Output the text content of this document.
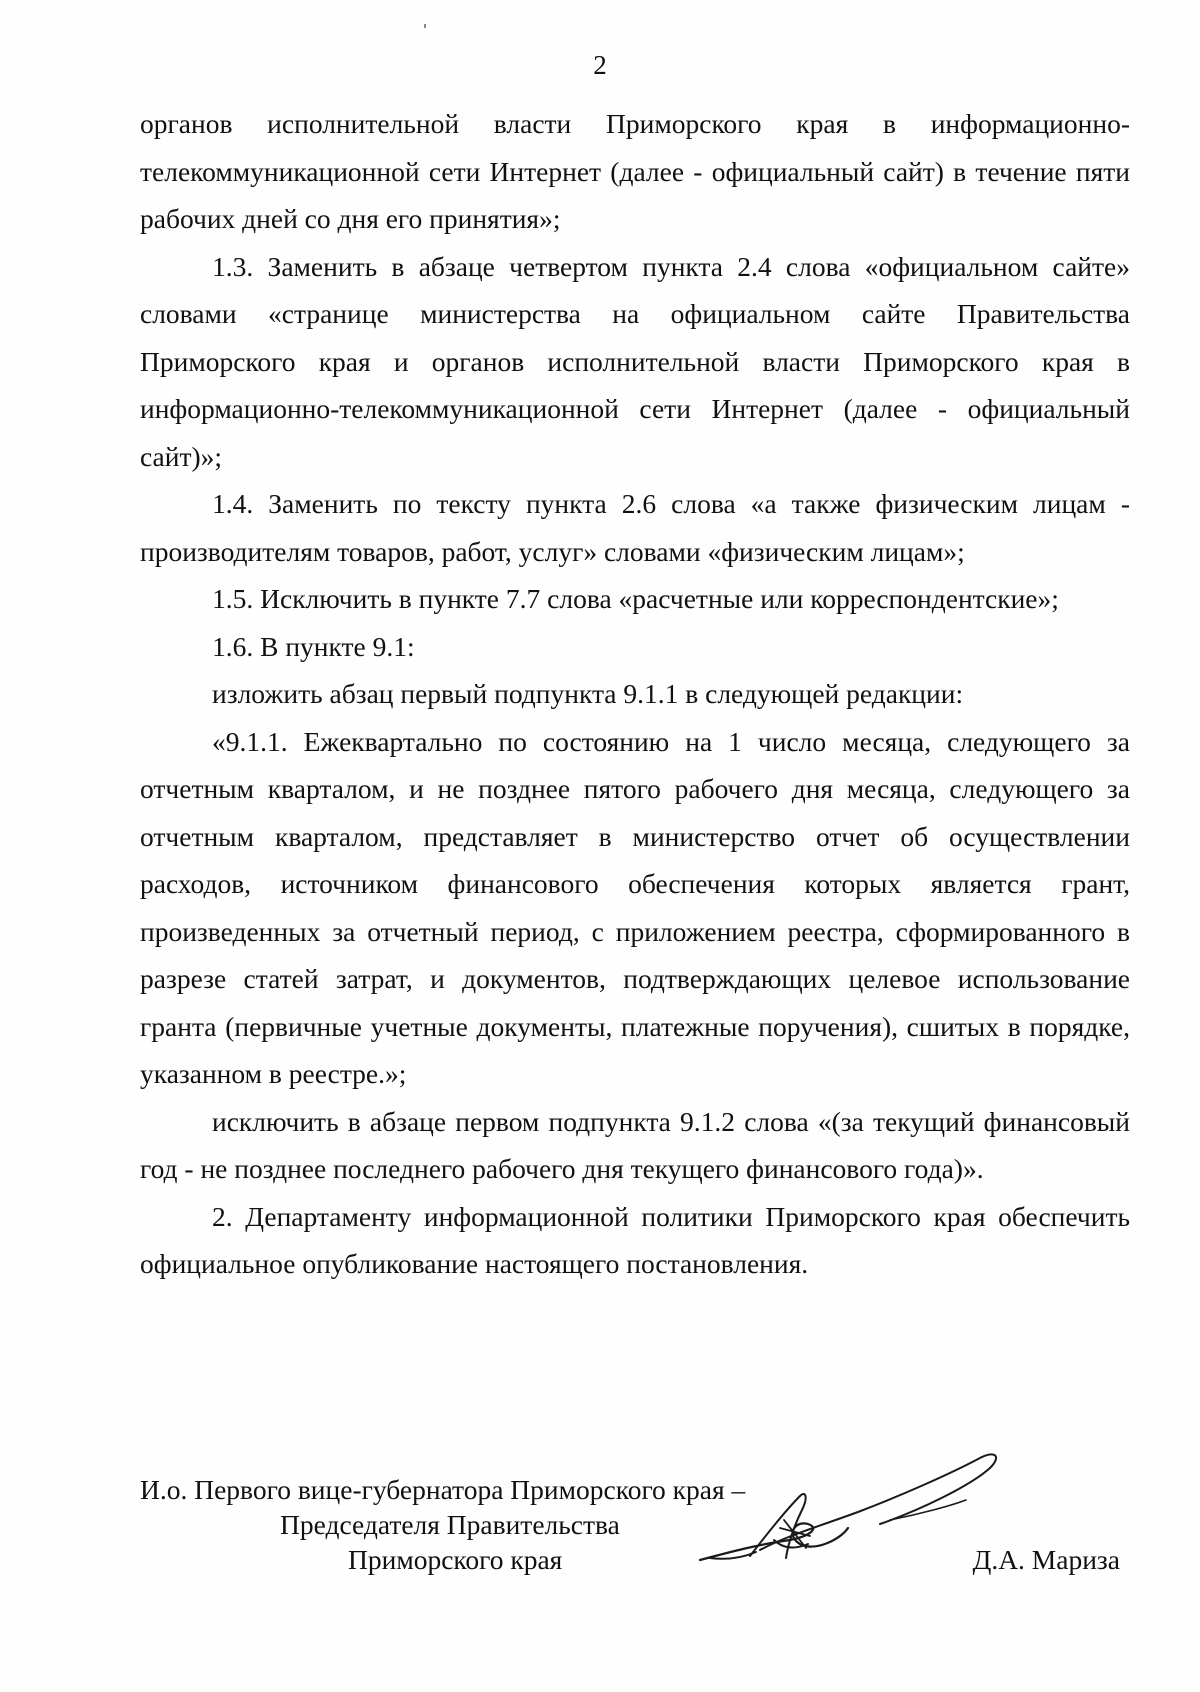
2

органов исполнительной власти Приморского края в информационно-телекоммуникационной сети Интернет (далее - официальный сайт) в течение пяти рабочих дней со дня его принятия»;

1.3. Заменить в абзаце четвертом пункта 2.4 слова «официальном сайте» словами «странице министерства на официальном сайте Правительства Приморского края и органов исполнительной власти Приморского края в информационно-телекоммуникационной сети Интернет (далее - официальный сайт)»;

1.4. Заменить по тексту пункта 2.6 слова «а также физическим лицам - производителям товаров, работ, услуг» словами «физическим лицам»;

1.5. Исключить в пункте 7.7 слова «расчетные или корреспондентские»;

1.6. В пункте 9.1:

изложить абзац первый подпункта 9.1.1 в следующей редакции:

«9.1.1. Ежеквартально по состоянию на 1 число месяца, следующего за отчетным кварталом, и не позднее пятого рабочего дня месяца, следующего за отчетным кварталом, представляет в министерство отчет об осуществлении расходов, источником финансового обеспечения которых является грант, произведенных за отчетный период, с приложением реестра, сформированного в разрезе статей затрат, и документов, подтверждающих целевое использование гранта (первичные учетные документы, платежные поручения), сшитых в порядке, указанном в реестре.»;

исключить в абзаце первом подпункта 9.1.2 слова «(за текущий финансовый год - не позднее последнего рабочего дня текущего финансового года)».

2. Департаменту информационной политики Приморского края обеспечить официальное опубликование настоящего постановления.

И.о. Первого вице-губернатора Приморского края –
Председателя Правительства
Приморского края	Д.А. Мариза
